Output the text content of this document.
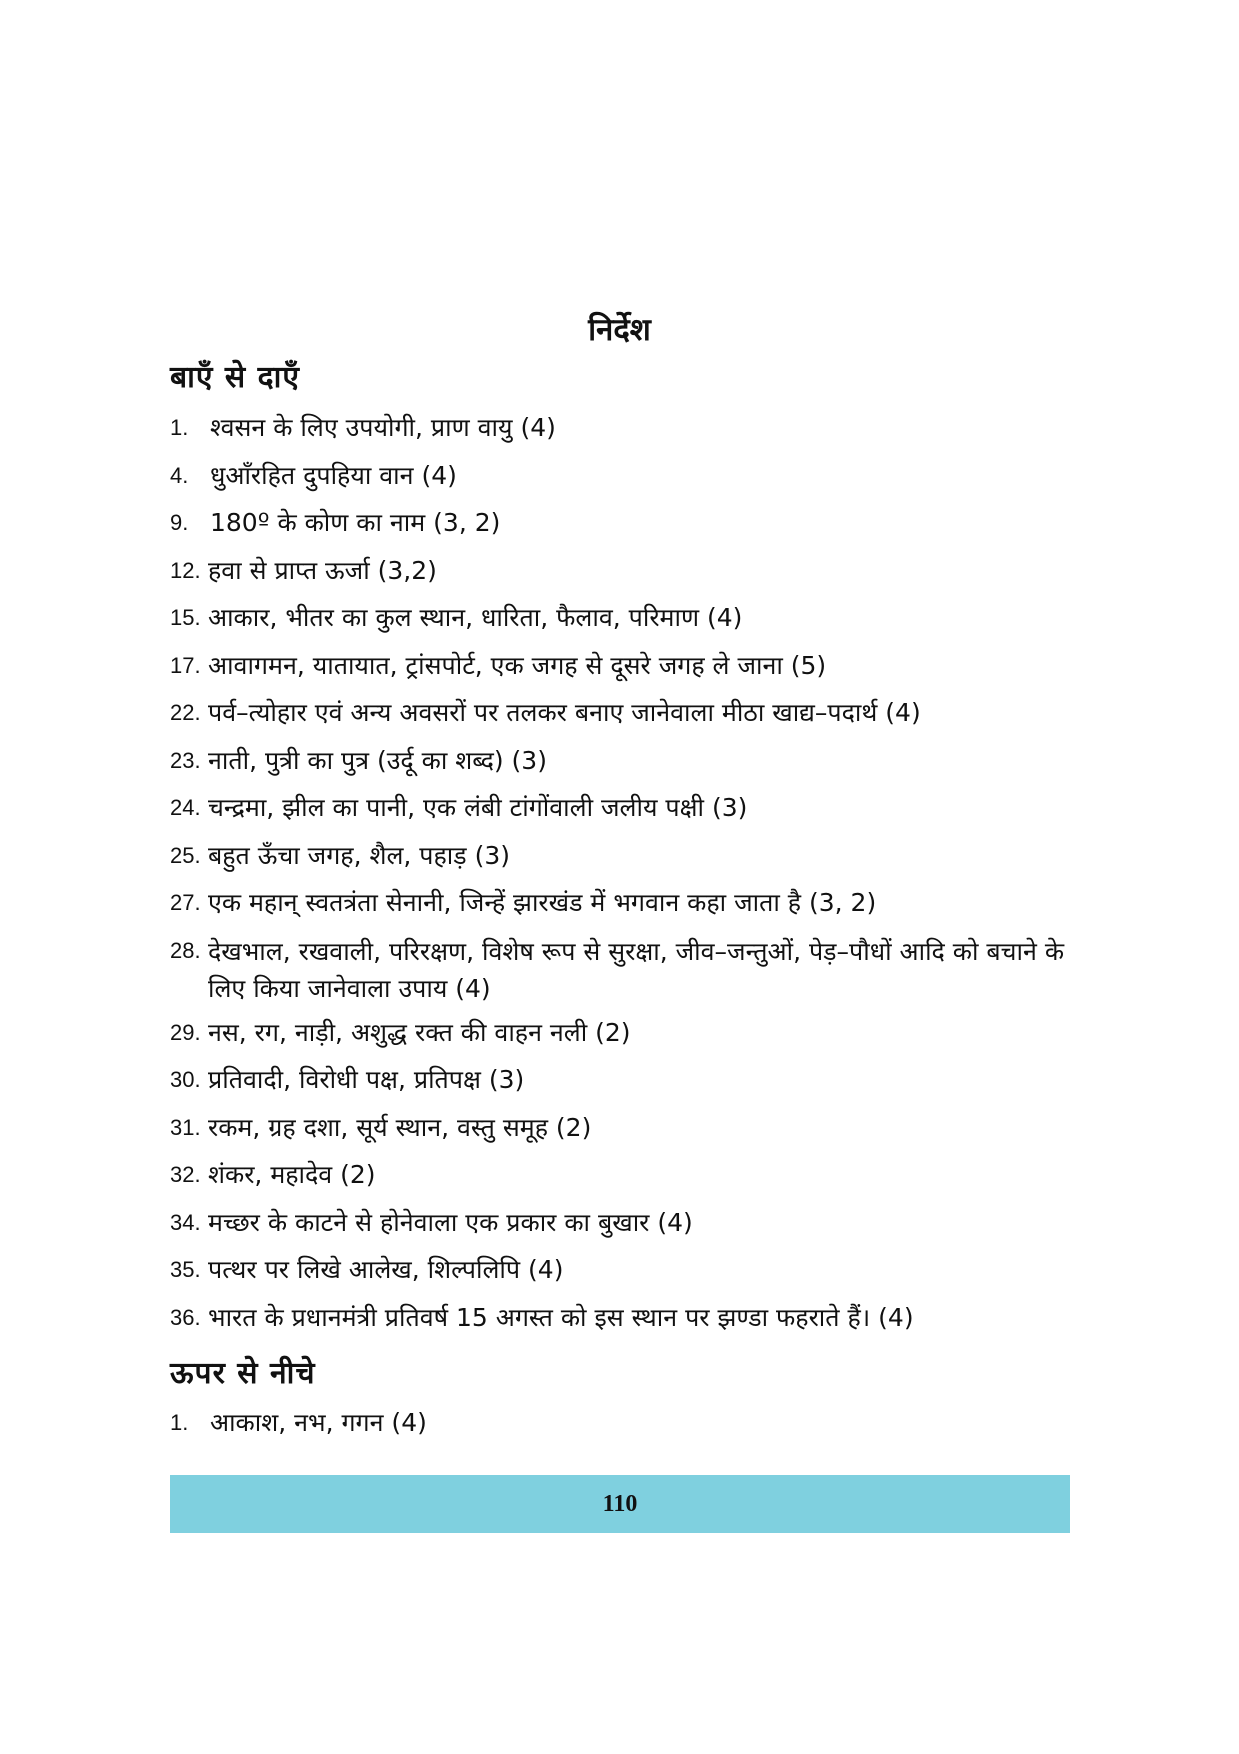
निर्देश
बाएँ से दाएँ
1. श्वसन के लिए उपयोगी, प्राण वायु (4)
4. धुआँरहित दुपहिया वान (4)
9. 180º के कोण का नाम (3, 2)
12. हवा से प्राप्त ऊर्जा (3,2)
15. आकार, भीतर का कुल स्थान, धारिता, फैलाव, परिमाण (4)
17. आवागमन, यातायात, ट्रांसपोर्ट, एक जगह से दूसरे जगह ले जाना (5)
22. पर्व–त्योहार एवं अन्य अवसरों पर तलकर बनाए जानेवाला मीठा खाद्य–पदार्थ (4)
23. नाती, पुत्री का पुत्र (उर्दू का शब्द) (3)
24. चन्द्रमा, झील का पानी, एक लंबी टांगोंवाली जलीय पक्षी (3)
25. बहुत ऊँचा जगह, शैल, पहाड़ (3)
27. एक महान् स्वतत्रंता सेनानी, जिन्हें झारखंड में भगवान कहा जाता है (3, 2)
28. देखभाल, रखवाली, परिरक्षण, विशेष रूप से सुरक्षा, जीव–जन्तुओं, पेड़–पौधों आदि को बचाने के लिए किया जानेवाला उपाय (4)
29. नस, रग, नाड़ी, अशुद्ध रक्त की वाहन नली (2)
30. प्रतिवादी, विरोधी पक्ष, प्रतिपक्ष (3)
31. रकम, ग्रह दशा, सूर्य स्थान, वस्तु समूह (2)
32. शंकर, महादेव (2)
34. मच्छर के काटने से होनेवाला एक प्रकार का बुखार (4)
35. पत्थर पर लिखे आलेख, शिल्पलिपि (4)
36. भारत के प्रधानमंत्री प्रतिवर्ष 15 अगस्त को इस स्थान पर झण्डा फहराते हैं। (4)
ऊपर से नीचे
1. आकाश, नभ, गगन (4)
110
